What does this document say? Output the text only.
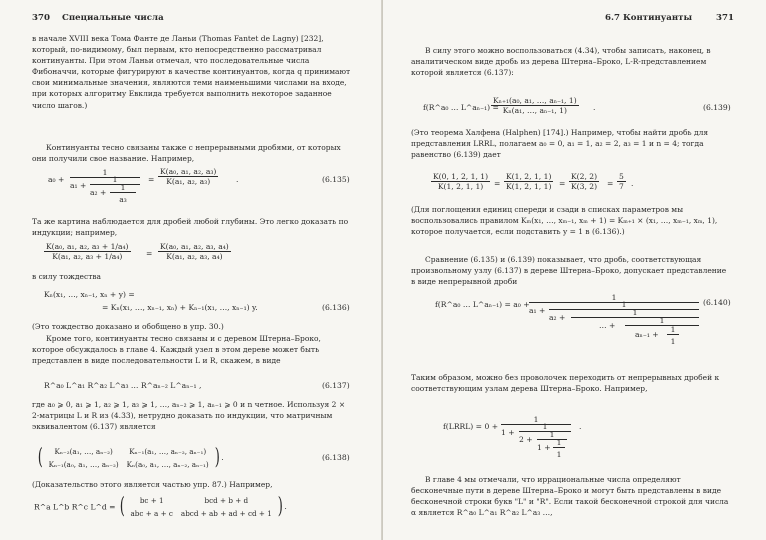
370 Специальные числа
в начале XVIII века Тома Фанте де Ланьи (Thomas Fantet de Lagny) [232], который, по-видимому, был первым, кто непосредственно рассматривал континуанты. При этом Ланьи отмечал, что последовательные числа Фибоначчи, которые фигурируют в качестве континуантов, когда q принимают свои минимальные значения, являются теми наименьшими числами на входе, при которых алгоритму Евклида требуется выполнить некоторое заданное число шагов.)
Континуанты тесно связаны также с непрерывными дробями, от которых они получили свое название. Например,
a₀ +
1
a₁ +
1
a₂ +
1
a₃
= $\frac{\text{K(a₀, a₁, a₂, a₃)}}{\text{K(a₁, a₂, a₃)}}$ .	(6.135)
Та же картина наблюдается для дробей любой глубины. Это легко доказать по индукции; например,
$\frac{\text{K(a₀, a₁, a₂, a₃ + 1/a₄)}}{\text{K(a₁, a₂, a₃ + 1/a₄)}} = \frac{\text{K(a₀, a₁, a₂, a₃, a₄)}}{\text{K(a₁, a₂, a₃, a₄)}}$
в силу тождества
Kₙ(x₁, …, xₙ₋₁, xₙ + y) =
= Kₙ(x₁, …, xₙ₋₁, xₙ) + Kₙ₋₁(x₁, …, xₙ₋₁) y.	(6.136)
(Это тождество доказано и обобщено в упр. 30.)
Кроме того, континуанты тесно связаны и с деревом Штерна–Броко, которое обсуждалось в главе 4. Каждый узел в этом дереве может быть представлен в виде последовательности L и R, скажем, в виде
R^a₀ L^a₁ R^a₂ L^a₃ … R^aₙ₋₂ L^aₙ₋₁ ,	(6.137)
где a₀ ⩾ 0, a₁ ⩾ 1, a₂ ⩾ 1, a₃ ⩾ 1, …, aₙ₋₂ ⩾ 1, aₙ₋₁ ⩾ 0 и n четное. Используя 2 × 2-матрицы L и R из (4.33), нетрудно доказать по индукции, что матричным эквивалентом (6.137) является
( Kₙ₋₂(a₁, …, aₙ₋₂)	Kₙ₋₁(a₁, …, aₙ₋₂, aₙ₋₁)
Kₙ₋₁(a₀, a₁, …, aₙ₋₂)	Kₙ(a₀, a₁, …, aₙ₋₂, aₙ₋₁) ) .	(6.138)
(Доказательство этого является частью упр. 87.) Например,
R^a L^b R^c L^d = ( bc + 1	bcd + b + d
abc + a + c	abcd + ab + ad + cd + 1 ) .
6.7 Континуанты	371
В силу этого можно воспользоваться (4.34), чтобы записать, наконец, в аналитическом виде дробь из дерева Штерна–Броко, L-R-представлением которой является (6.137):
f(R^a₀ … L^aₙ₋₁) =
$\frac{\text{Kₙ₊₁(a₀, a₁, …, aₙ₋₁, 1)}}{\text{Kₙ(a₁, …, aₙ₋₁, 1)}}$ .	(6.139)
(Это теорема Халфена (Halphen) [174].) Например, чтобы найти дробь для представления LRRL, полагаем a₀ = 0, a₁ = 1, a₂ = 2, a₃ = 1 и n = 4; тогда равенство (6.139) дает
$\frac{K(0, 1, 2, 1, 1)}{K(1, 2, 1, 1)} = \frac{K(1, 2, 1, 1)}{K(1, 2, 1, 1)} = \frac{K(2, 2)}{K(3, 2)} = \frac{5}{7}$ .
(Для поглощения единиц спереди и сзади в списках параметров мы воспользовались правилом Kₘ(x₁, …, xₘ₋₁, xₘ + 1) = Kₘ₊₁ × (x₁, …, xₘ₋₁, xₘ, 1), которое получается, если подставить y = 1 в (6.136).)
Сравнение (6.135) и (6.139) показывает, что дробь, соответствующая произвольному узлу (6.137) в дереве Штерна–Броко, допускает представление в виде непрерывной дроби
f(R^a₀ … L^aₙ₋₁) = a₀ +
1
a₁ +
1
a₂ +
1
… +
1
aₙ₋₁ +
1
1
(6.140)
Таким образом, можно без проволочек переходить от непрерывных дробей к соответствующим узлам дерева Штерна–Броко. Например,
f(LRRL) = 0 +
1
1 +
1
2 +
1
1 +
1
1
.
В главе 4 мы отмечали, что иррациональные числа определяют бесконечные пути в дереве Штерна–Броко и могут быть представлены в виде бесконечной строки букв "L" и "R". Если такой бесконечной строкой для числа α является R^a₀ L^a₁ R^a₂ L^a₃ …,
